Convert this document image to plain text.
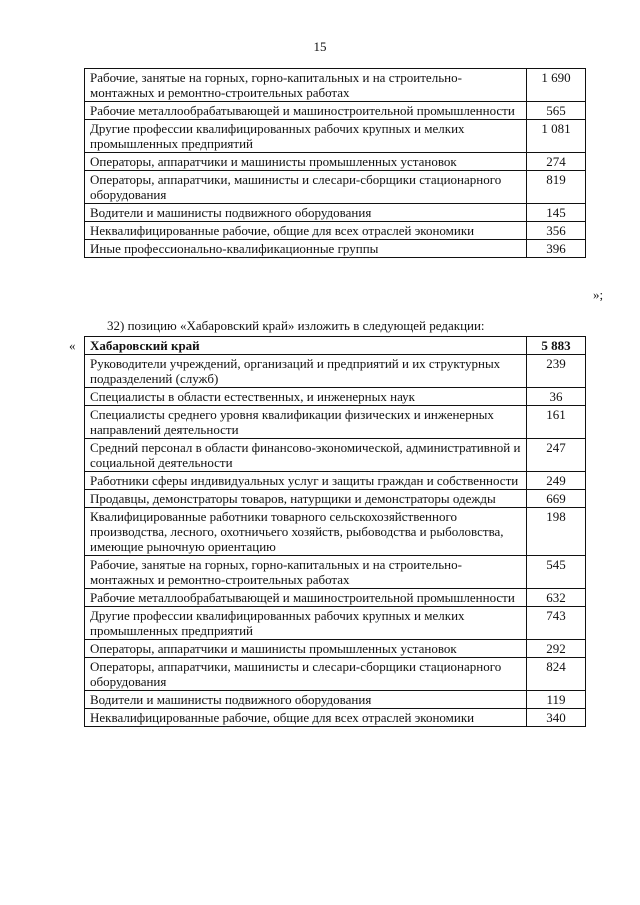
15
Рабочие, занятые на горных, горно-капитальных и на строительно-монтажных и ремонтно-строительных работах	1 690
Рабочие металлообрабатывающей и машиностроительной промышленности	565
Другие профессии квалифицированных рабочих крупных и мелких промышленных предприятий	1 081
Операторы, аппаратчики и машинисты промышленных установок	274
Операторы, аппаратчики, машинисты и слесари-сборщики стационарного оборудования	819
Водители и машинисты подвижного оборудования	145
Неквалифицированные рабочие, общие для всех отраслей экономики	356
Иные профессионально-квалификационные группы	396
»;
32) позицию «Хабаровский край» изложить в следующей редакции:
« Хабаровский край	5 883
Руководители учреждений, организаций и предприятий и их структурных подразделений (служб)	239
Специалисты в области естественных, и инженерных наук	36
Специалисты среднего уровня квалификации физических и инженерных направлений деятельности	161
Средний персонал в области финансово-экономической, административной и социальной деятельности	247
Работники сферы индивидуальных услуг и защиты граждан и собственности	249
Продавцы, демонстраторы товаров, натурщики и демонстраторы одежды	669
Квалифицированные работники товарного сельскохозяйственного производства, лесного, охотничьего хозяйств, рыбоводства и рыболовства, имеющие рыночную ориентацию	198
Рабочие, занятые на горных, горно-капитальных и на строительно-монтажных и ремонтно-строительных работах	545
Рабочие металлообрабатывающей и машиностроительной промышленности	632
Другие профессии квалифицированных рабочих крупных и мелких промышленных предприятий	743
Операторы, аппаратчики и машинисты промышленных установок	292
Операторы, аппаратчики, машинисты и слесари-сборщики стационарного оборудования	824
Водители и машинисты подвижного оборудования	119
Неквалифицированные рабочие, общие для всех отраслей экономики	340
